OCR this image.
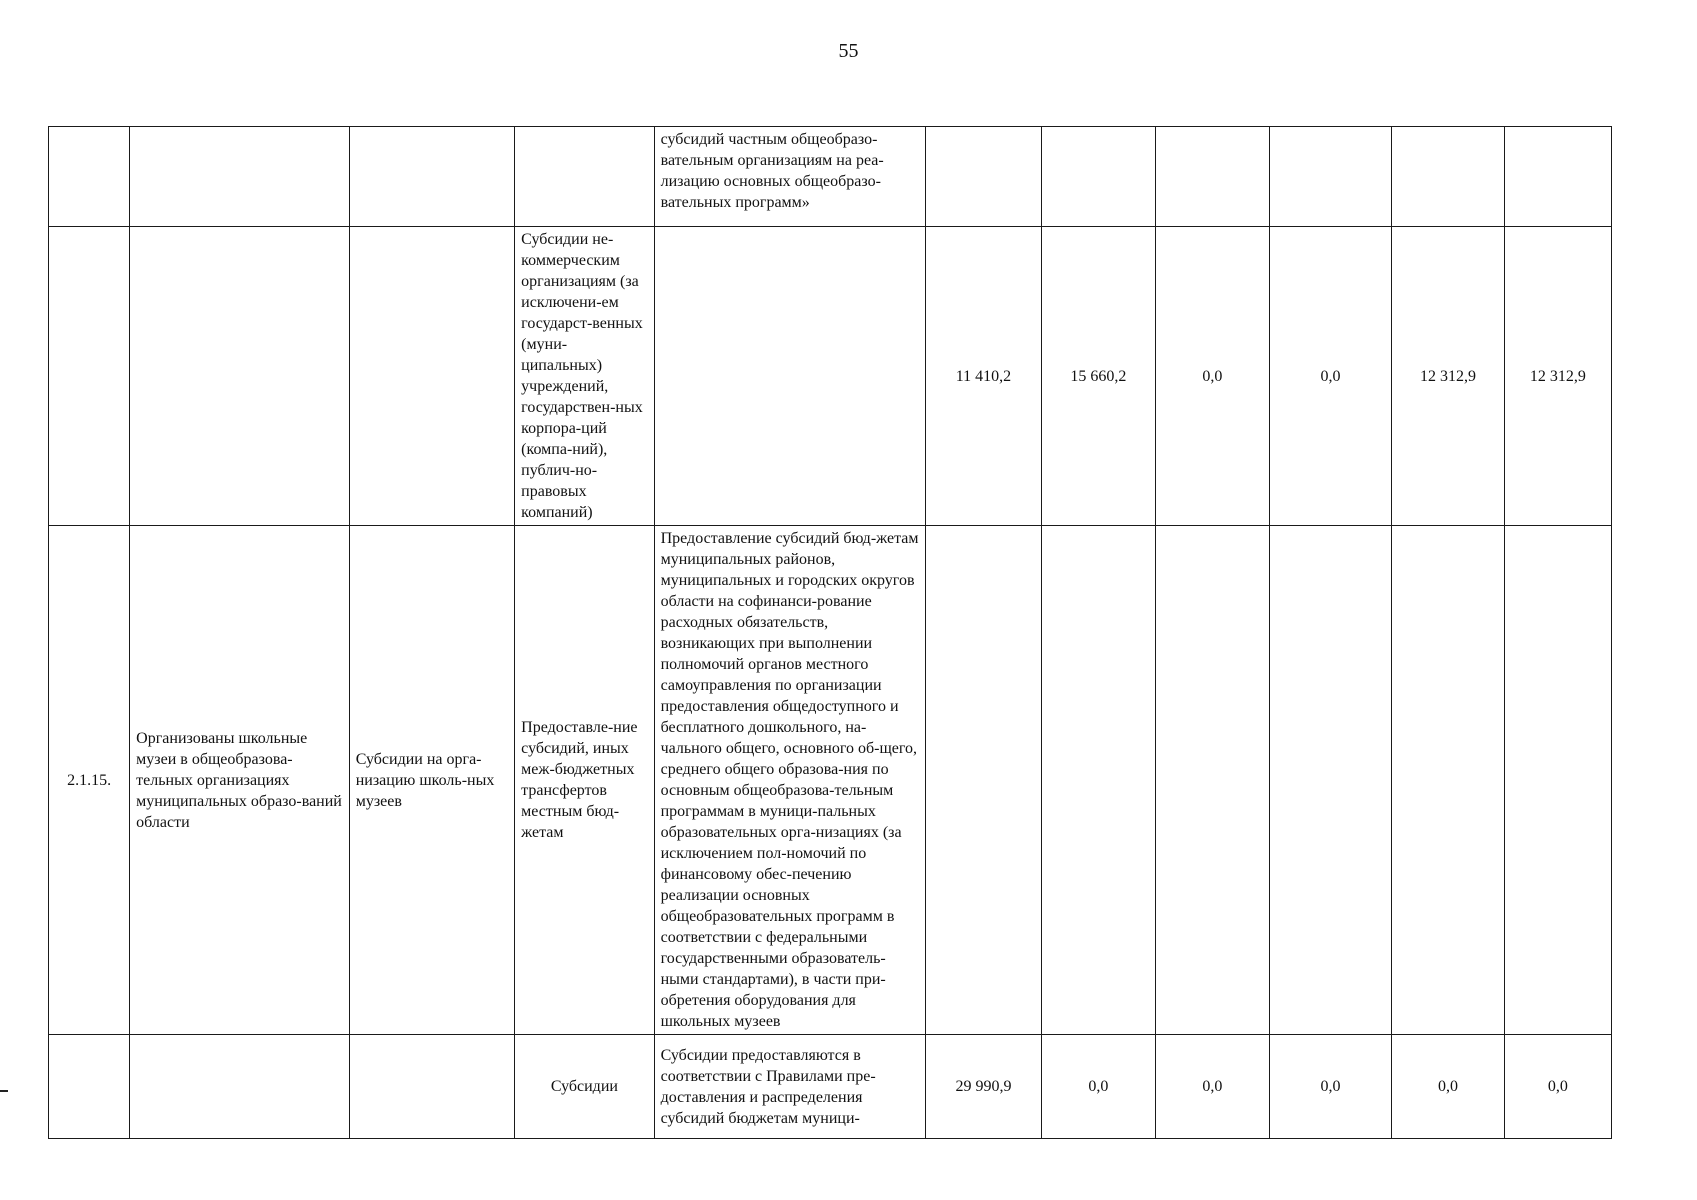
55
				субсидий частным общеобразо-вательным организациям на реа-лизацию основных общеобразо-вательных программ»						
			Субсидии не-коммерческим организациям (за исключени-ем государст-венных (муни-ципальных) учреждений, государствен-ных корпора-ций (компа-ний), публич-но-правовых компаний)		11 410,2	15 660,2	0,0	0,0	12 312,9	12 312,9
2.1.15.	Организованы школьные музеи в общеобразова-тельных организациях муниципальных образо-ваний области	Субсидии на орга-низацию школь-ных музеев	Предоставле-ние субсидий, иных меж-бюджетных трансфертов местным бюд-жетам	Предоставление субсидий бюд-жетам муниципальных районов, муниципальных и городских округов области на софинанси-рование расходных обязательств, возникающих при выполнении полномочий органов местного самоуправления по организации предоставления общедоступного и бесплатного дошкольного, на-чального общего, основного об-щего, среднего общего образова-ния по основным общеобразова-тельным программам в муници-пальных образовательных орга-низациях (за исключением пол-номочий по финансовому обес-печению реализации основных общеобразовательных программ в соответствии с федеральными государственными образователь-ными стандартами), в части при-обретения оборудования для школьных музеев						
			Субсидии	Субсидии предоставляются в соответствии с Правилами пре-доставления и распределения субсидий бюджетам муници-	29 990,9	0,0	0,0	0,0	0,0	0,0
